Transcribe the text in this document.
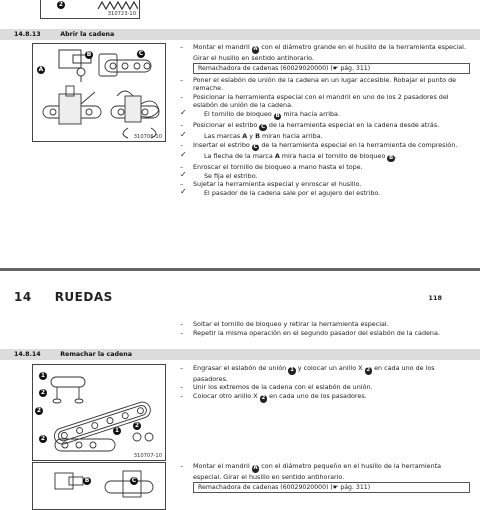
2
310723-10
14.8.13	Abrir la cadena
A
B	C
310706-10
– Montar el mandril A con el diámetro grande en el husillo de la herramienta especial. Girar el husillo en sentido antihorario.
Remachadora de cadenas (60029020000) (☛ pág. 311)
– Poner el eslabón de unión de la cadena en un lugar accesible. Robajar el punto de remache.
– Posicionar la herramienta especial con el mandril en uno de los 2 pasadores del eslabón de unión de la cadena.
✓	El tornillo de bloqueo B mira hacia arriba.
– Posicionar el estribo C de la herramienta especial en la cadena desde atrás.
✓	Las marcas A y B miran hacia arriba.
– Insertar el estribo C de la herramienta especial en la herramienta de compresión.
✓	La flecha de la marca A mira hacia el tornillo de bloqueo B .
– Enroscar el tornillo de bloqueo a mano hasta el tope.
✓	Se fija el estribo.
– Sujetar la herramienta especial y enroscar el husillo.
✓	El pasador de la cadena sale por el agujero del estribo.
14 RUEDAS	118
– Soltar el tornillo de bloqueo y retirar la herramienta especial.
– Repetir la misma operación en el segundo pasador del eslabón de la cadena.
14.8.14	Remachar la cadena
1
2
2
2
1
2
310707-10
– Engrasar el eslabón de unión 1 y colocar un anillo X 2 en cada uno de los pasadores.
– Unir los extremos de la cadena con el eslabón de unión.
– Colocar otro anillo X 2 en cada uno de los pasadores.
B	C
– Montar el mandril A con el diámetro pequeño en el husillo de la herramienta especial. Girar el husillo en sentido antihorario.
Remachadora de cadenas (60029020000) (☛ pág. 311)
